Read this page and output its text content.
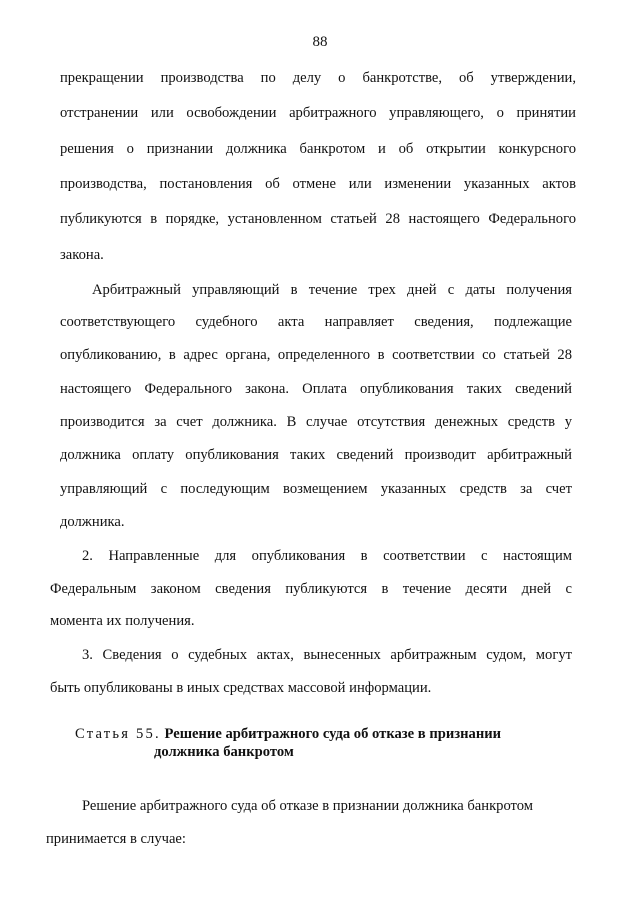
88
прекращении производства по делу о банкротстве, об утверждении,
отстранении или освобождении арбитражного управляющего, о принятии
решения о признании должника банкротом и об открытии конкурсного
производства, постановления об отмене или изменении указанных актов
публикуются в порядке, установленном статьей 28 настоящего Федерального
закона.
Арбитражный управляющий в течение трех дней с даты получения
соответствующего судебного акта направляет сведения, подлежащие
опубликованию, в адрес органа, определенного в соответствии со статьей 28
настоящего Федерального закона. Оплата опубликования таких сведений
производится за счет должника. В случае отсутствия денежных средств у
должника оплату опубликования таких сведений производит арбитражный
управляющий с последующим возмещением указанных средств за счет
должника.
2. Направленные для опубликования в соответствии с настоящим
Федеральным законом сведения публикуются в течение десяти дней с
момента их получения.
3. Сведения о судебных актах, вынесенных арбитражным судом, могут
быть опубликованы в иных средствах массовой информации.
Статья 55. Решение арбитражного суда об отказе в признании
должника банкротом
Решение арбитражного суда об отказе в признании должника банкротом
принимается в случае:
